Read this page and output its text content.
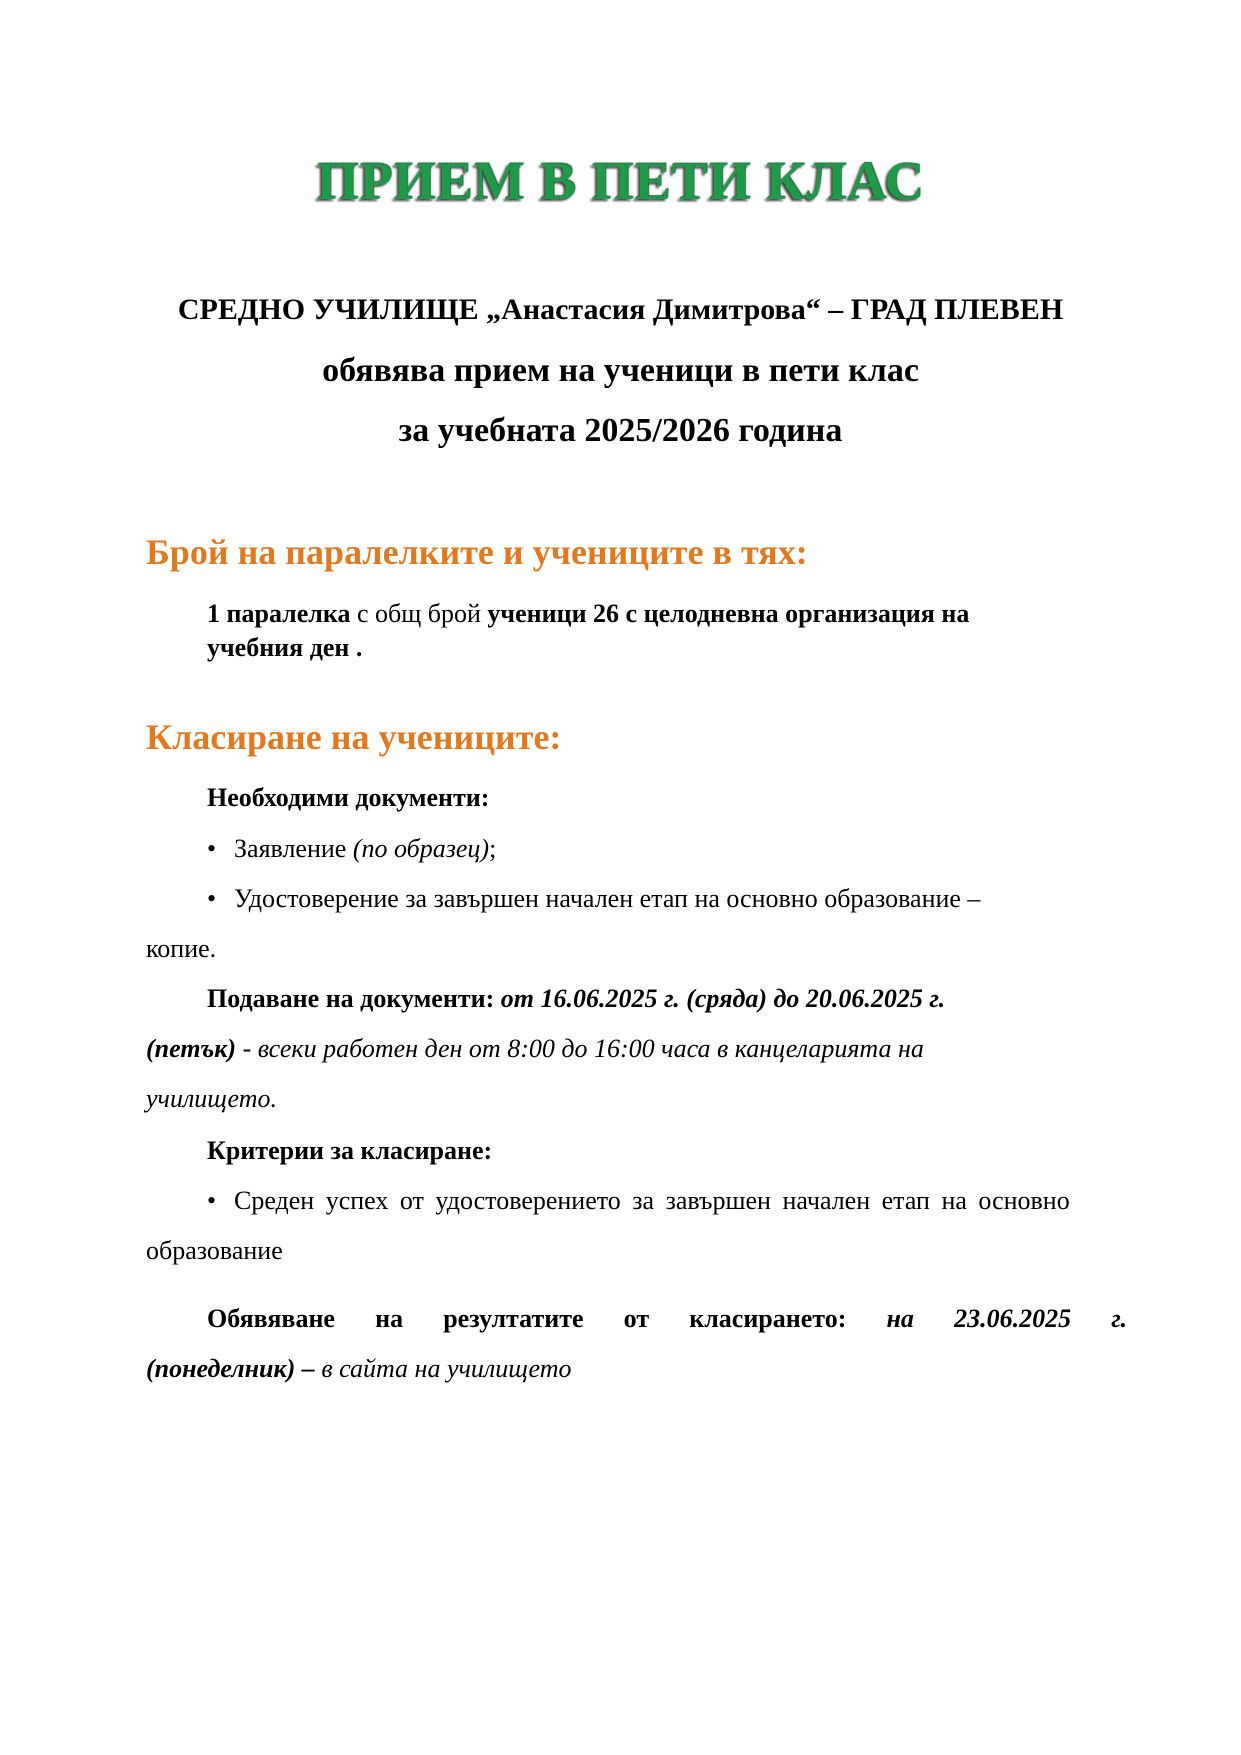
ПРИЕМ В ПЕТИ КЛАС
СРЕДНО УЧИЛИЩЕ „Анастасия Димитрова“ – ГРАД ПЛЕВЕН
обявява прием на ученици в пети клас
за учебната 2025/2026 година
Брой на паралелките и учениците в тях:
1 паралелка с общ брой ученици 26 с целодневна организация на
учебния ден .
Класиране на учениците:
Необходими документи:
• Заявление (по образец);
• Удостоверение за завършен начален етап на основно образование –
копие.
Подаване на документи: от 16.06.2025 г. (сряда) до 20.06.2025 г.
(петък) - всеки работен ден от 8:00 до 16:00 часа в канцеларията на
училището.
Критерии за класиране:
• Среден успех от удостоверението за завършен начален етап на основно
образование
Обявяване на резултатите от класирането: на 23.06.2025 г.
(понеделник) – в сайта на училището
